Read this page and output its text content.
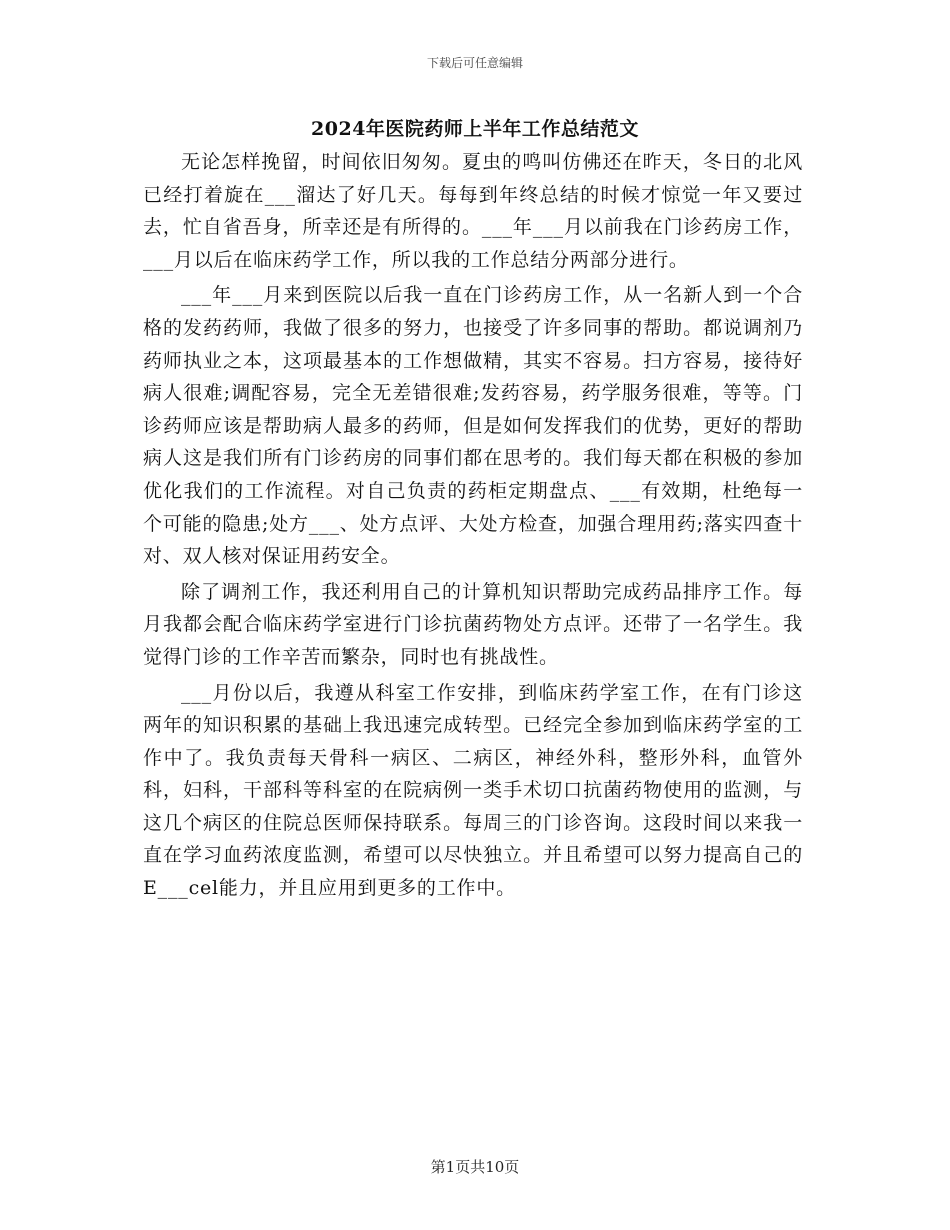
下载后可任意编辑
2024年医院药师上半年工作总结范文

无论怎样挽留，时间依旧匆匆。夏虫的鸣叫仿佛还在昨天，冬日的北风已经打着旋在___溜达了好几天。每每到年终总结的时候才惊觉一年又要过去，忙自省吾身，所幸还是有所得的。___年___月以前我在门诊药房工作，___月以后在临床药学工作，所以我的工作总结分两部分进行。

___年___月来到医院以后我一直在门诊药房工作，从一名新人到一个合格的发药药师，我做了很多的努力，也接受了许多同事的帮助。都说调剂乃药师执业之本，这项最基本的工作想做精，其实不容易。扫方容易，接待好病人很难;调配容易，完全无差错很难;发药容易，药学服务很难，等等。门诊药师应该是帮助病人最多的药师，但是如何发挥我们的优势，更好的帮助病人这是我们所有门诊药房的同事们都在思考的。我们每天都在积极的参加优化我们的工作流程。对自己负责的药柜定期盘点、___有效期，杜绝每一个可能的隐患;处方___、处方点评、大处方检查，加强合理用药;落实四查十对、双人核对保证用药安全。

除了调剂工作，我还利用自己的计算机知识帮助完成药品排序工作。每月我都会配合临床药学室进行门诊抗菌药物处方点评。还带了一名学生。我觉得门诊的工作辛苦而繁杂，同时也有挑战性。

___月份以后，我遵从科室工作安排，到临床药学室工作，在有门诊这两年的知识积累的基础上我迅速完成转型。已经完全参加到临床药学室的工作中了。我负责每天骨科一病区、二病区，神经外科，整形外科，血管外科，妇科，干部科等科室的在院病例一类手术切口抗菌药物使用的监测，与这几个病区的住院总医师保持联系。每周三的门诊咨询。这段时间以来我一直在学习血药浓度监测，希望可以尽快独立。并且希望可以努力提高自己的E___cel能力，并且应用到更多的工作中。

第1页共10页
